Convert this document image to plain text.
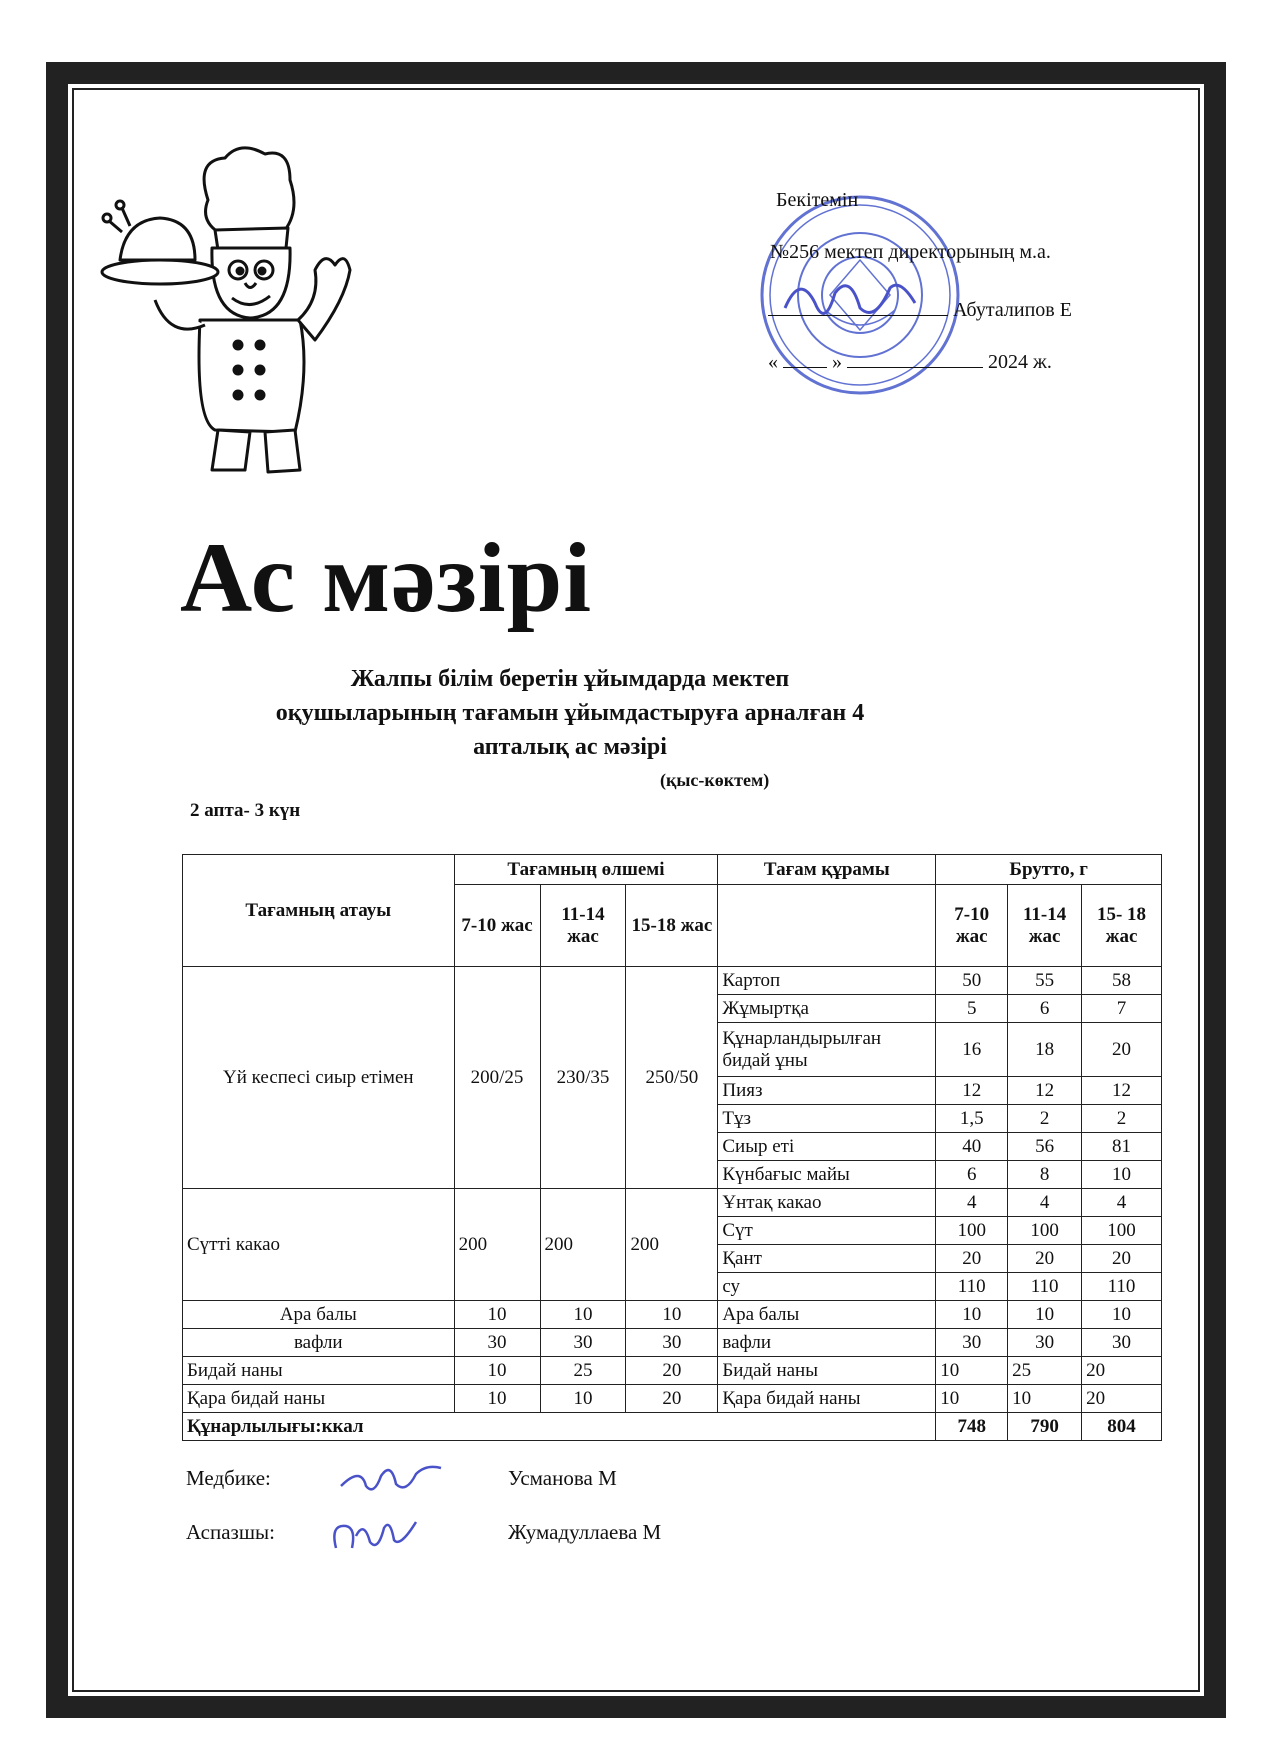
Бекітемін
№256 мектеп директорының м.а.
Абуталипов Е
«	»	2024 ж.
Ас мәзірі
Жалпы білім беретін ұйымдарда мектеп
оқушыларының тағамын ұйымдастыруға арналған 4
апталық ас мәзірі
(қыс-көктем)
2 апта- 3 күн
Тағамның атауы	Тағамның өлшемі			Тағам құрамы	Брутто, г		
	7-10 жас	11-14 жас	15-18 жас		7-10 жас	11-14 жас	15- 18 жас
Үй кеспесі сиыр етімен	200/25	230/35	250/50	Картоп	50	55	58
				Жұмыртқа	5	6	7
				Құнарландырылған бидай ұны	16	18	20
				Пияз	12	12	12
				Тұз	1,5	2	2
				Сиыр еті	40	56	81
				Күнбағыс майы	6	8	10
Сүтті какао	200	200	200	Ұнтақ какао	4	4	4
				Сүт	100	100	100
				Қант	20	20	20
				су	110	110	110
Ара балы	10	10	10	Ара балы	10	10	10
вафли	30	30	30	вафли	30	30	30
Бидай наны	10	25	20	Бидай наны	10	25	20
Қара бидай наны	10	10	20	Қара бидай наны	10	10	20
Құнарлылығы:ккал					748	790	804
Медбике:	Усманова М
Аспазшы:	Жумадуллаева М
